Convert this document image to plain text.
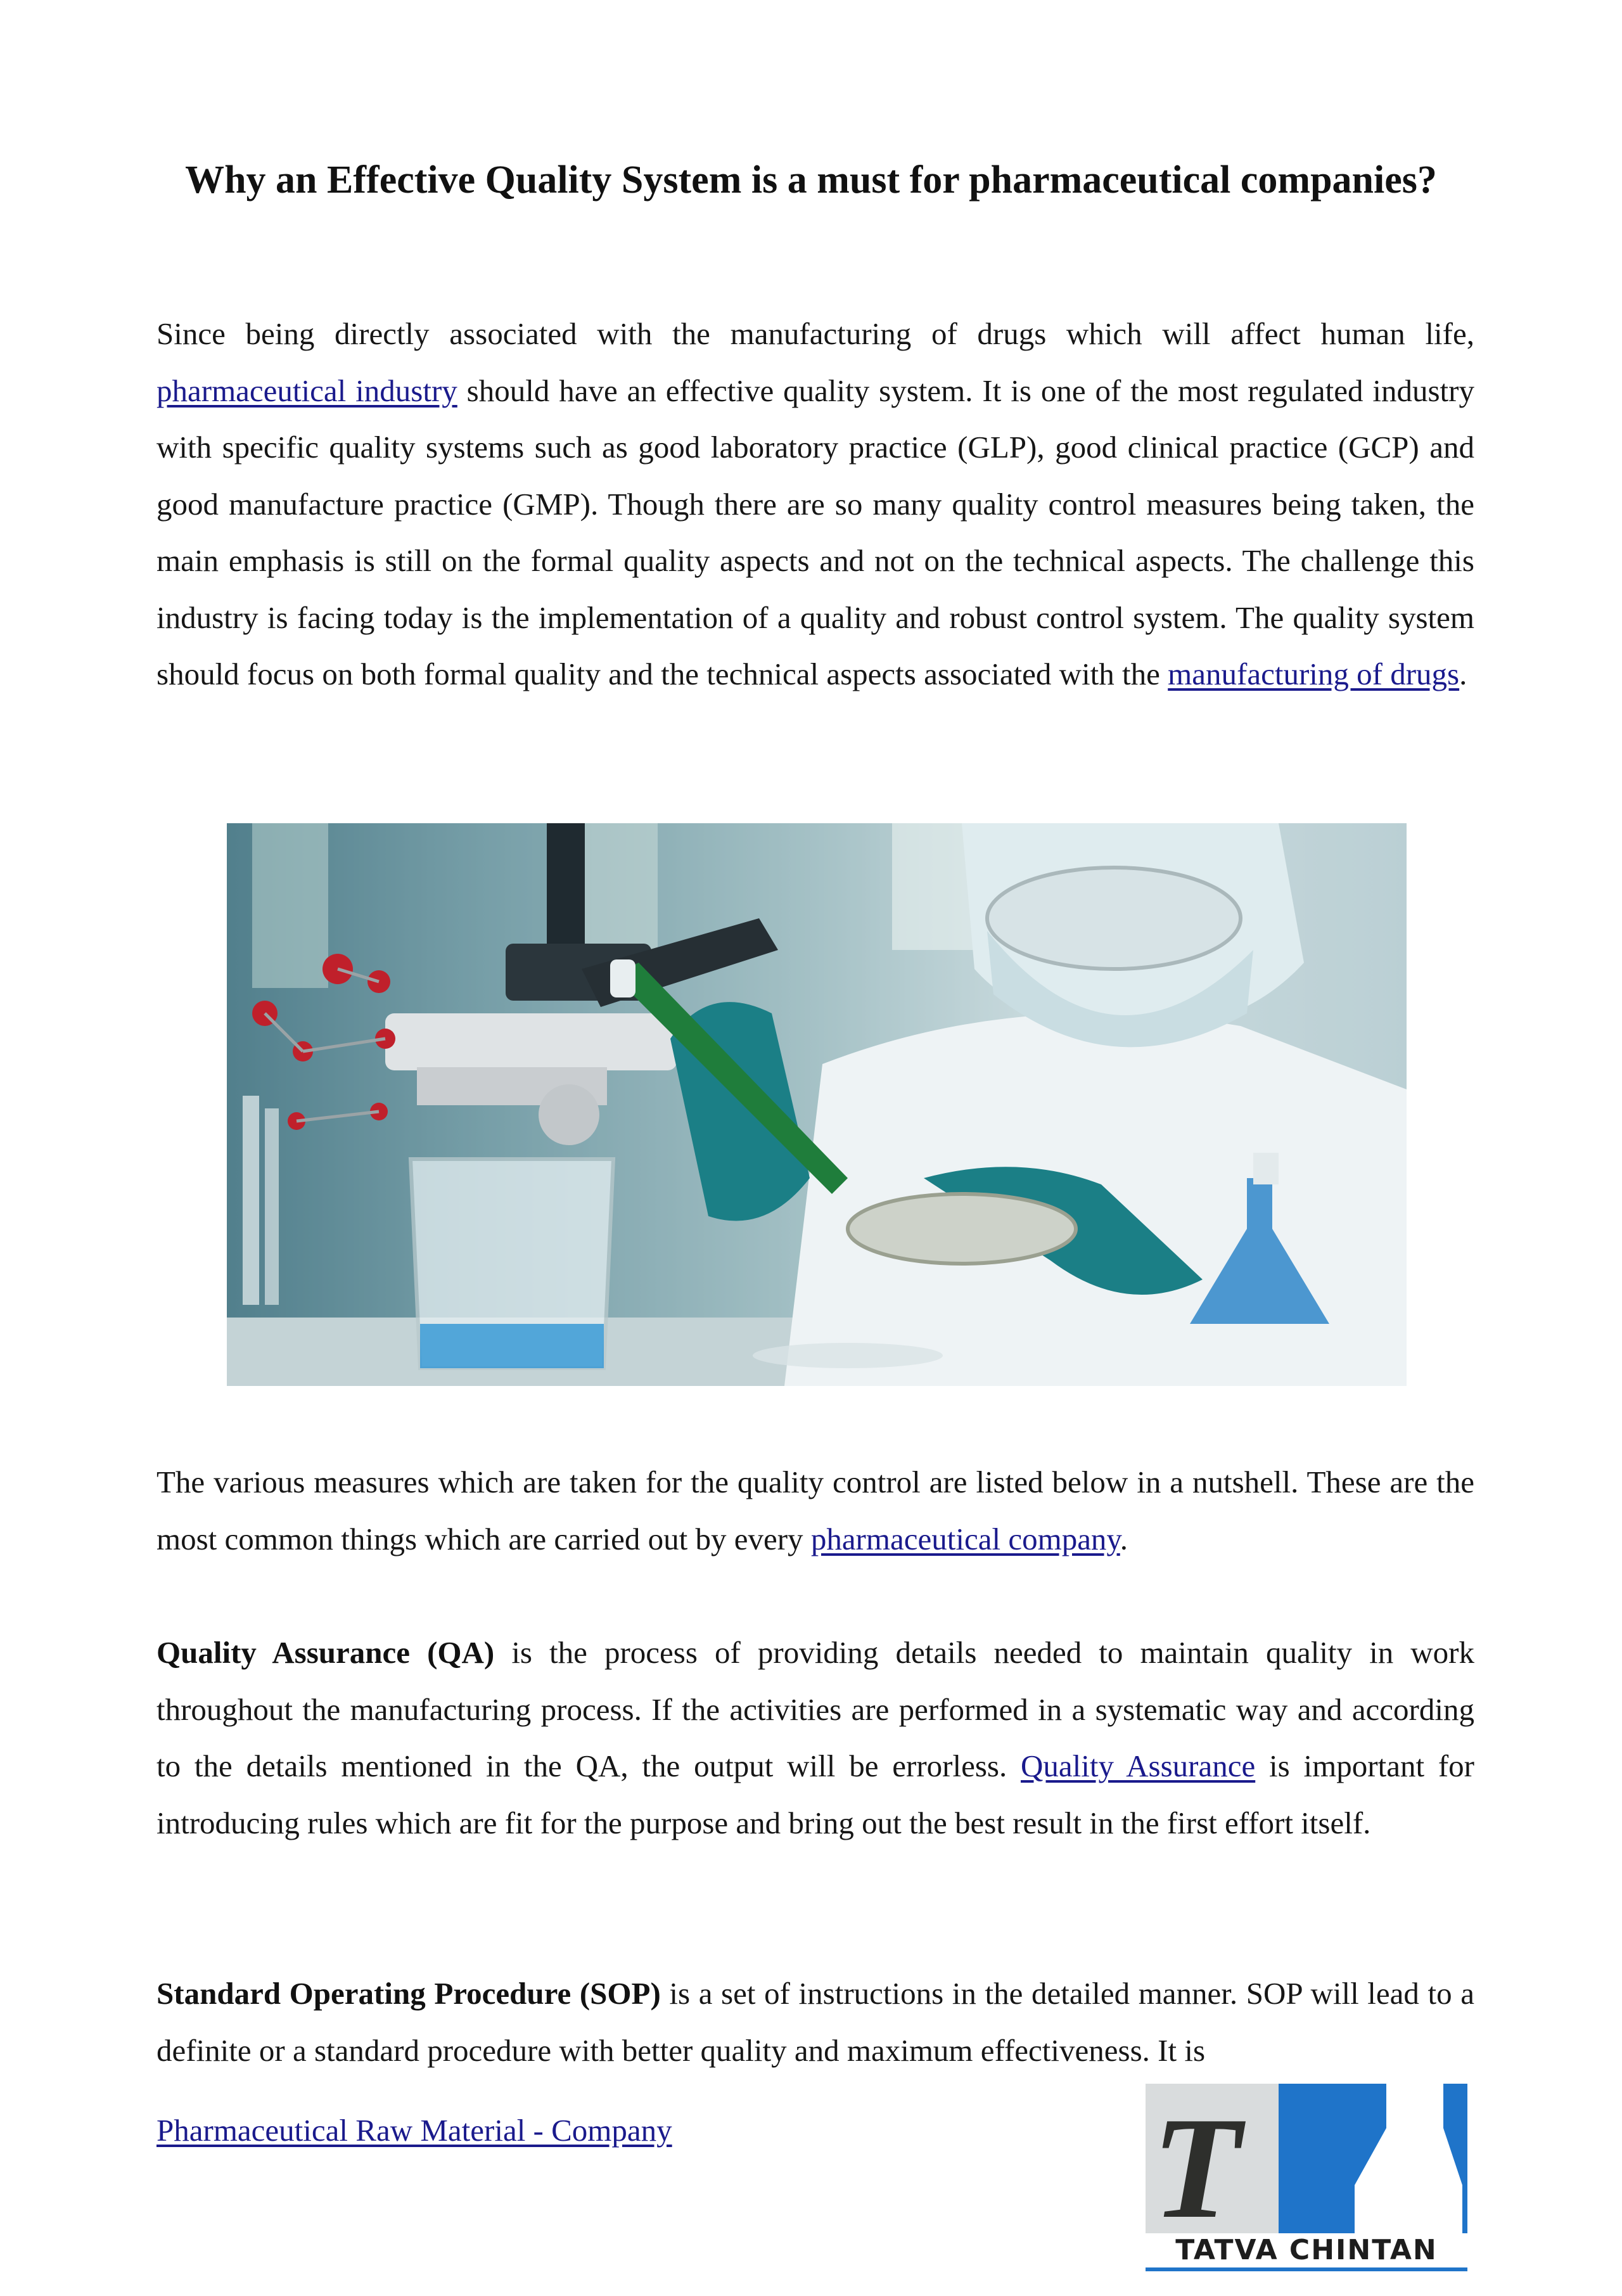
Why an Effective Quality System is a must for pharmaceutical companies?

Since being directly associated with the manufacturing of drugs which will affect human life, pharmaceutical industry should have an effective quality system. It is one of the most regulated industry with specific quality systems such as good laboratory practice (GLP), good clinical practice (GCP) and good manufacture practice (GMP). Though there are so many quality control measures being taken, the main emphasis is still on the formal quality aspects and not on the technical aspects. The challenge this industry is facing today is the implementation of a quality and robust control system. The quality system should focus on both formal quality and the technical aspects associated with the manufacturing of drugs.

The various measures which are taken for the quality control are listed below in a nutshell. These are the most common things which are carried out by every pharmaceutical company.

Quality Assurance (QA) is the process of providing details needed to maintain quality in work throughout the manufacturing process. If the activities are performed in a systematic way and according to the details mentioned in the QA, the output will be errorless. Quality Assurance is important for introducing rules which are fit for the purpose and bring out the best result in the first effort itself.

Standard Operating Procedure (SOP) is a set of instructions in the detailed manner. SOP will lead to a definite or a standard procedure with better quality and maximum effectiveness. It is

Pharmaceutical Raw Material - Company	T
TATVA CHINTAN
